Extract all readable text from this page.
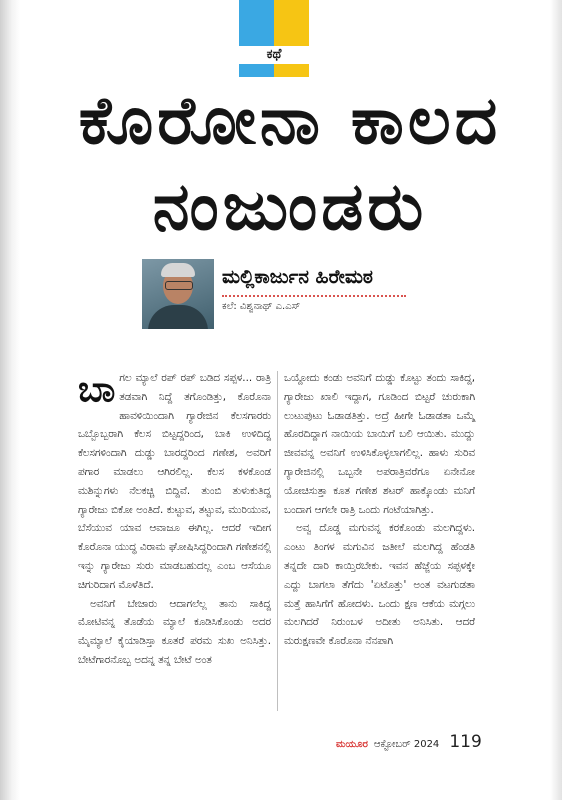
ಕಥೆ
ಕೊರೋನಾ ಕಾಲದ
ನಂಜುಂಡರು
ಮಲ್ಲಿಕಾರ್ಜುನ ಹಿರೇಮಠ
ಕಲೆ: ವಿಶ್ವನಾಥ್ ಎ.ಎಸ್

ಬಾಗಲ ಮ್ಯಾಲೆ ರಪ್ ರಪ್ ಬಡಿದ ಸಪ್ಪಳ... ರಾತ್ರಿ ತಡವಾಗಿ ನಿದ್ದೆ ತಗೊಂಡಿತ್ತು, ಕೊರೊನಾ ಹಾವಳಿಯಿಂದಾಗಿ ಗ್ಯಾರೇಜಿನ ಕೆಲಸಗಾರರು ಒಬ್ಬೊಬ್ಬರಾಗಿ ಕೆಲಸ ಬಿಟ್ಟದ್ದರಿಂದ, ಬಾಕಿ ಉಳಿದಿದ್ದ ಕೆಲಸಗಳಿಂದಾಗಿ ದುಡ್ಡು ಬಾರದ್ದರಿಂದ ಗಣೇಶ, ಅವರಿಗೆ ಪಗಾರ ಮಾಡಲು ಆಗಿರಲಿಲ್ಲ. ಕೆಲಸ ಕಳಕೊಂಡ ಮಶಿನ್ನುಗಳು ನೆಲಕಚ್ಚಿ ಬಿದ್ದಿವೆ. ತುಂಬಿ ತುಳುಕುತಿದ್ದ ಗ್ಯಾರೇಜು ಬಿಕೋ ಅಂತಿದೆ. ಕುಟ್ಟುವ, ತಟ್ಟುವ, ಮುರಿಯುವ, ಬೆಸೆಯುವ ಯಾವ ಆವಾಜೂ ಈಗಿಲ್ಲ. ಆದರೆ ಇದೀಗ ಕೊರೊನಾ ಯುದ್ಧ ವಿರಾಮ ಘೋಷಿಸಿದ್ದರಿಂದಾಗಿ ಗಣೇಶನಲ್ಲಿ ಇನ್ನು ಗ್ಯಾರೇಜು ಸುರು ಮಾಡಬಹುದಲ್ಲ ಎಂಬ ಆಸೆಯೂ ಚಿಗುರಿದಾಗ ಮೊಳೆತಿದೆ.

ಅವನಿಗೆ ಬೇಜಾರು ಆದಾಗಲೆಲ್ಲ ತಾನು ಸಾಕಿದ್ದ ಮೋಟಿವನ್ನ ತೊಡೆಯ ಮ್ಯಾಲೆ ಕೂಡಿಸಿಕೊಂಡು ಅದರ ಮೈಮ್ಯಾಲೆ ಕೈಯಾಡಿಸ್ತಾ ಕೂತರೆ ಪರಮ ಸುಖ ಅನಿಸಿತ್ತು. ಬೇಟೆಗಾರನೊಬ್ಬ ಅದನ್ನ ತನ್ನ ಬೇಟೆ ಅಂತ

ಒಯ್ದೋದು ಕಂಡು ಅವನಿಗೆ ದುಡ್ಡು ಕೊಟ್ಟು ತಂದು ಸಾಕಿದ್ದ, ಗ್ಯಾರೇಜು ಖಾಲಿ ಇದ್ದಾಗ, ಗೂಡಿಂದ ಬಿಟ್ಟರೆ ಚುರುಕಾಗಿ ಲುಟುಪುಟು ಓಡಾಡತಿತ್ತು. ಅದ್ರೆ ಹೀಗೇ ಓಡಾಡತಾ ಒಮ್ಮೆ ಹೊರದಿದ್ದಾಗ ನಾಯಿಯ ಬಾಯಿಗೆ ಬಲಿ ಆಯಿತು. ಮುದ್ದು ಜೀವವನ್ನ ಅವನಿಗೆ ಉಳಿಸಿಕೊಳ್ಳಲಾಗಲಿಲ್ಲ. ಹಾಳು ಸುರಿವ ಗ್ಯಾರೇಜಿನಲ್ಲಿ ಒಬ್ಬನೇ ಅಪರಾತ್ರಿವರೆಗೂ ಏನೇನೋ ಯೋಚಿಸುತ್ತಾ ಕೂತ ಗಣೇಶ ಶಟರ್ ಹಾಕ್ಕೊಂಡು ಮನಿಗೆ ಬಂದಾಗ ಆಗಲೇ ರಾತ್ರಿ ಒಂದು ಗಂಟೆಯಾಗಿತ್ತು.

ಅವ್ವ ದೊಡ್ಡ ಮಗುವನ್ನ ಕರಕೊಂಡು ಮಲಗಿದ್ದಳು. ಎಂಟು ತಿಂಗಳ ಮಗುವಿನ ಜತೀಲೆ ಮಲಗಿದ್ದ ಹೆಂಡತಿ ತನ್ನದೇ ದಾರಿ ಕಾಯ್ತಿರಬೇಕು. ಇವನ ಹೆಜ್ಜೆಯ ಸಪ್ಪಳಕ್ಕೇ ಎದ್ದು ಬಾಗಲಾ ತೆಗೆದು 'ಏಟೊತ್ತು' ಅಂತ ವಟಗುಡತಾ ಮತ್ತೆ ಹಾಸಿಗೆಗೆ ಹೋದಳು. ಒಂದು ಕ್ಷಣ ಆಕೆಯ ಮಗ್ಗಲು ಮಲಗಿದರೆ ನಿರುಂಬಳ ಅದೀತು ಅನಿಸಿತು. ಆದರೆ ಮರುಕ್ಷಣವೇ ಕೊರೊನಾ ನೆನಪಾಗಿ

ಮಯೂರ ಆಕ್ಟೋಬರ್ 2024 119
